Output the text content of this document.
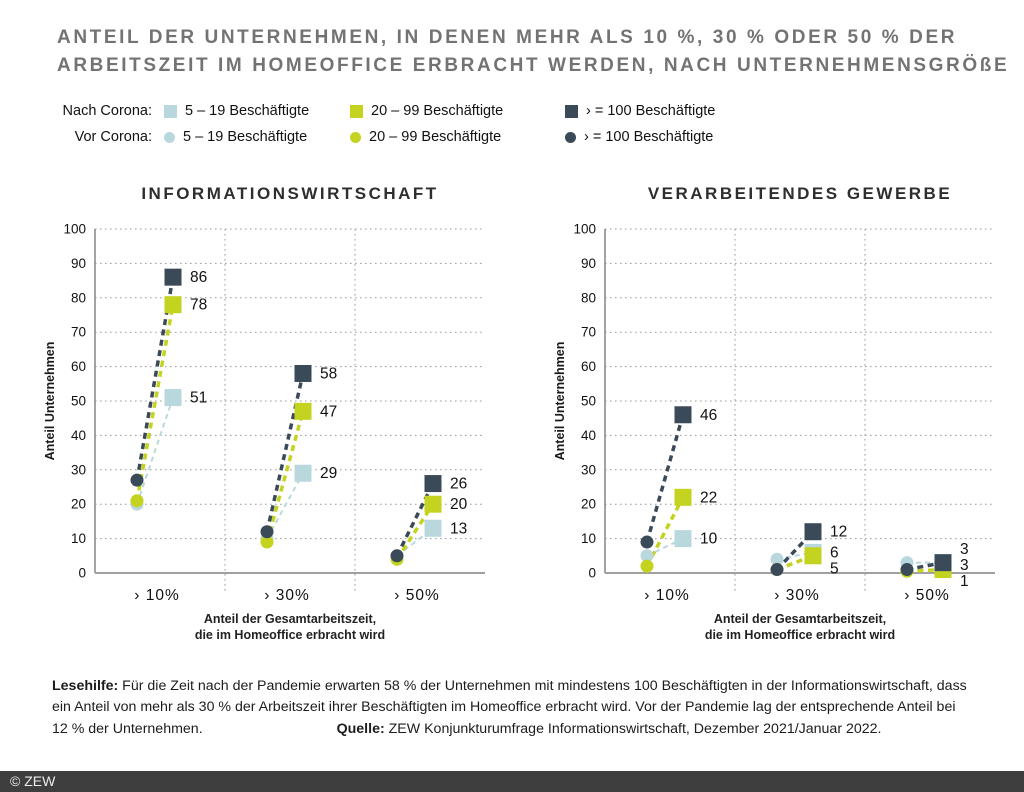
ANTEIL DER UNTERNEHMEN, IN DENEN MEHR ALS 10 %, 30 % ODER 50 % DER
ARBEITSZEIT IM HOMEOFFICE ERBRACHT WERDEN, NACH UNTERNEHMENSGRÖßE
Nach Corona:	5 – 19 Beschäftigte	20 – 99 Beschäftigte	› = 100 Beschäftigte
Vor Corona:	5 – 19 Beschäftigte	20 – 99 Beschäftigte	› = 100 Beschäftigte
INFORMATIONSWIRTSCHAFT
Anteil Unternehmen
0
10
20
30
40
50
60
70
80
90
100
› 10%	› 30%	› 50%
86
78
51
58
47
29
26
20
13
Anteil der Gesamtarbeitszeit,
die im Homeoffice erbracht wird
VERARBEITENDES GEWERBE
Anteil Unternehmen
0
10
20
30
40
50
60
70
80
90
100
› 10%	› 30%	› 50%
46
22
10	12
6
5
3
3
1
Anteil der Gesamtarbeitszeit,
die im Homeoffice erbracht wird
Lesehilfe: Für die Zeit nach der Pandemie erwarten 58 % der Unternehmen mit mindestens 100 Beschäftigten in der Informationswirtschaft, dass ein Anteil von mehr als 30 % der Arbeitszeit ihrer Beschäftigten im Homeoffice erbracht wird. Vor der Pandemie lag der entsprechende Anteil bei 12 % der Unternehmen.	Quelle: ZEW Konjunkturumfrage Informationswirtschaft, Dezember 2021/Januar 2022.
© ZEW
